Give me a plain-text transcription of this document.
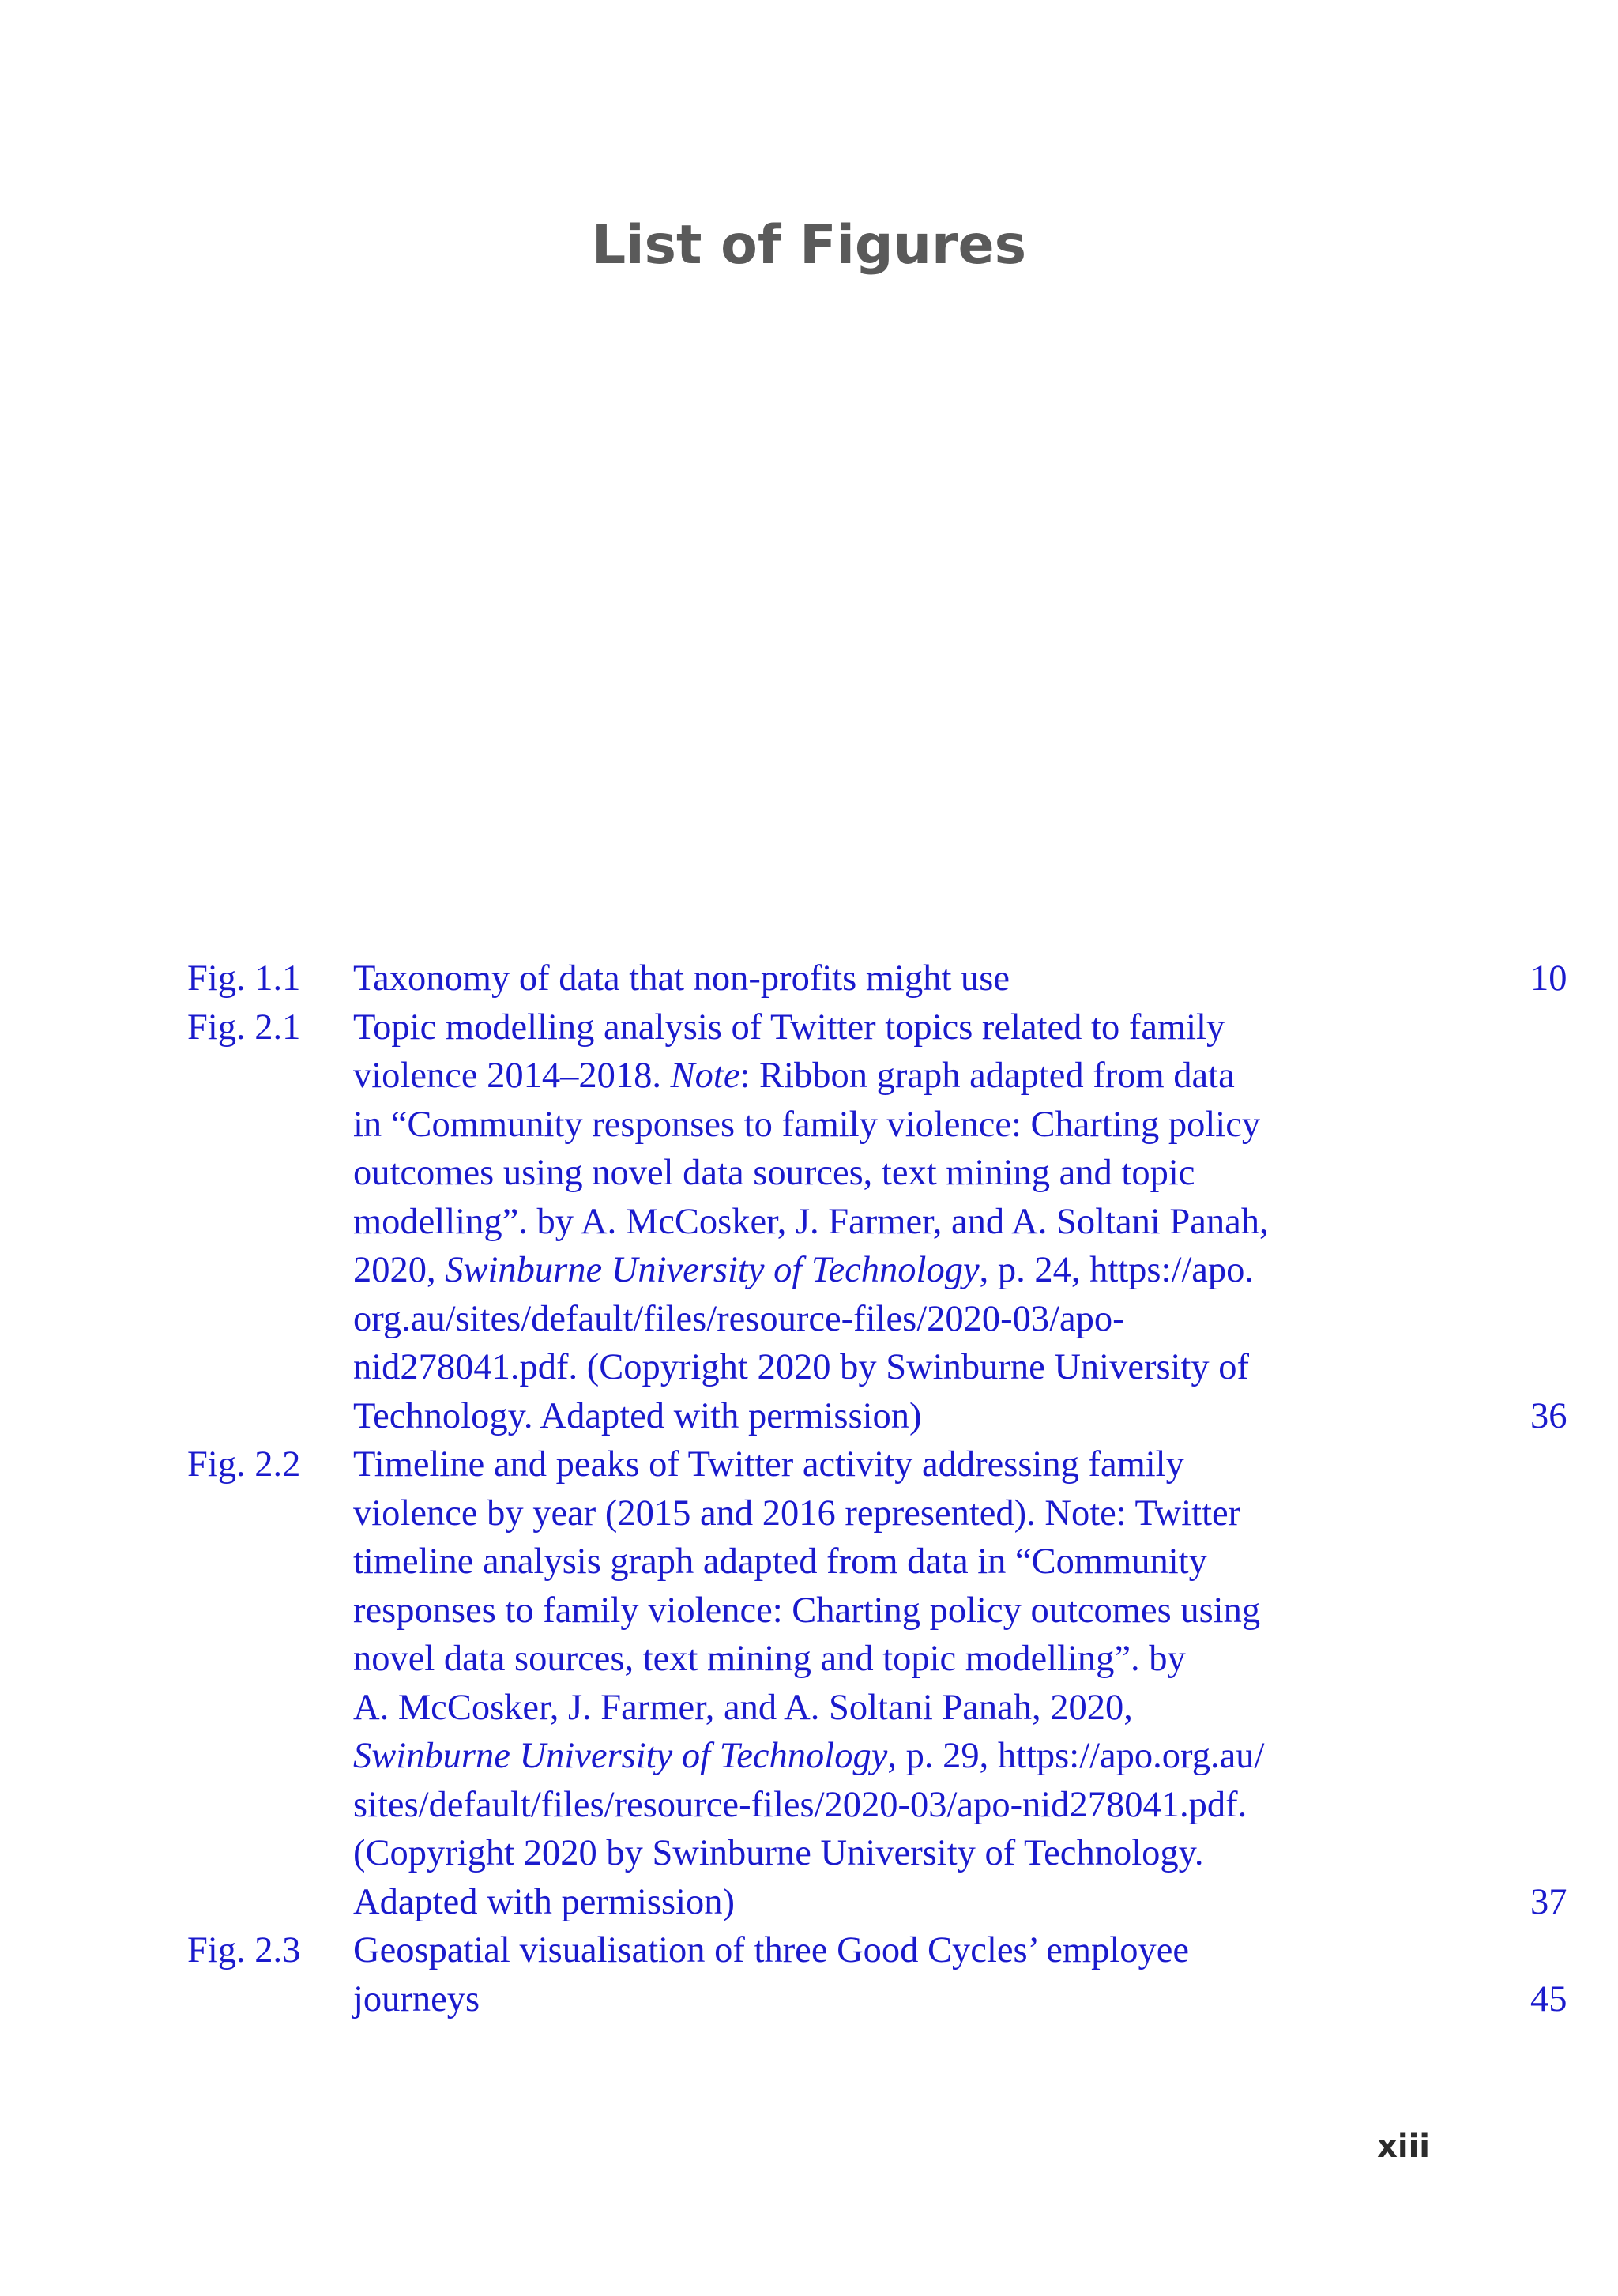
List of Figures
Fig. 1.1	Taxonomy of data that non-profits might use	10
Fig. 2.1	Topic modelling analysis of Twitter topics related to family
violence 2014–2018. Note: Ribbon graph adapted from data
in “Community responses to family violence: Charting policy
outcomes using novel data sources, text mining and topic
modelling”. by A. McCosker, J. Farmer, and A. Soltani Panah,
2020, Swinburne University of Technology, p. 24, https://apo.
org.au/sites/default/files/resource-files/2020-03/apo-
nid278041.pdf. (Copyright 2020 by Swinburne University of
Technology. Adapted with permission)	36
Fig. 2.2	Timeline and peaks of Twitter activity addressing family
violence by year (2015 and 2016 represented). Note: Twitter
timeline analysis graph adapted from data in “Community
responses to family violence: Charting policy outcomes using
novel data sources, text mining and topic modelling”. by
A. McCosker, J. Farmer, and A. Soltani Panah, 2020,
Swinburne University of Technology, p. 29, https://apo.org.au/
sites/default/files/resource-files/2020-03/apo-nid278041.pdf.
(Copyright 2020 by Swinburne University of Technology.
Adapted with permission)	37
Fig. 2.3	Geospatial visualisation of three Good Cycles’ employee
journeys	45
xiii
